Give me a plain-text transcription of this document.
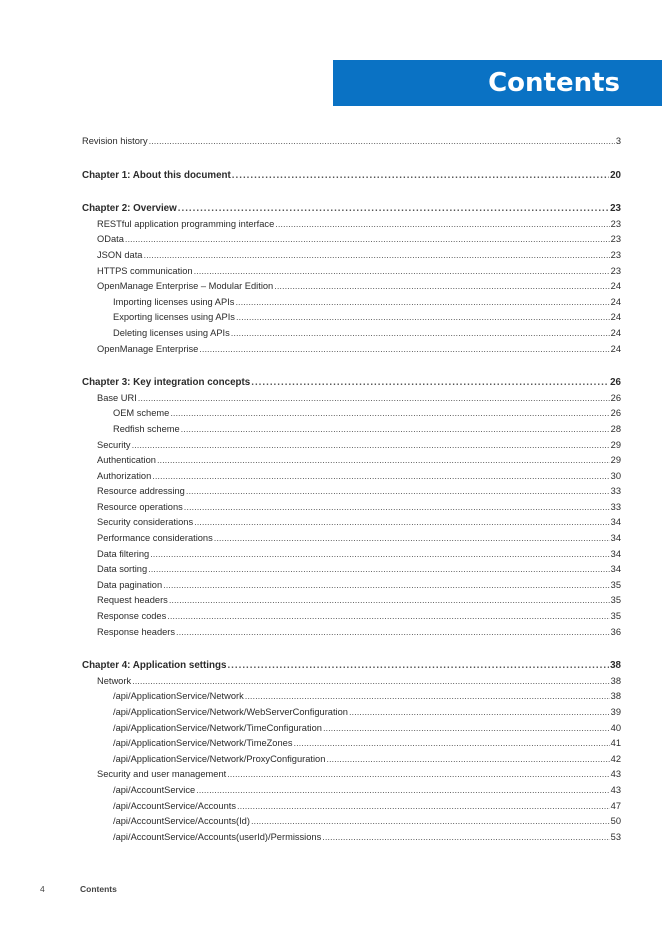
Contents
Revision history .....	3
Chapter 1: About this document .....	20
Chapter 2: Overview .....	23
RESTful application programming interface .....	23
OData .....	23
JSON data .....	23
HTTPS communication .....	23
OpenManage Enterprise – Modular Edition .....	24
Importing licenses using APIs .....	24
Exporting licenses using APIs .....	24
Deleting licenses using APIs .....	24
OpenManage Enterprise .....	24
Chapter 3: Key integration concepts .....	26
Base URI .....	26
OEM scheme .....	26
Redfish scheme .....	28
Security .....	29
Authentication .....	29
Authorization .....	30
Resource addressing .....	33
Resource operations .....	33
Security considerations .....	34
Performance considerations .....	34
Data filtering .....	34
Data sorting .....	34
Data pagination .....	35
Request headers .....	35
Response codes .....	35
Response headers .....	36
Chapter 4: Application settings .....	38
Network .....	38
/api/ApplicationService/Network .....	38
/api/ApplicationService/Network/WebServerConfiguration .....	39
/api/ApplicationService/Network/TimeConfiguration .....	40
/api/ApplicationService/Network/TimeZones .....	41
/api/ApplicationService/Network/ProxyConfiguration .....	42
Security and user management .....	43
/api/AccountService .....	43
/api/AccountService/Accounts .....	47
/api/AccountService/Accounts(Id) .....	50
/api/AccountService/Accounts(userId)/Permissions .....	53
4	Contents
